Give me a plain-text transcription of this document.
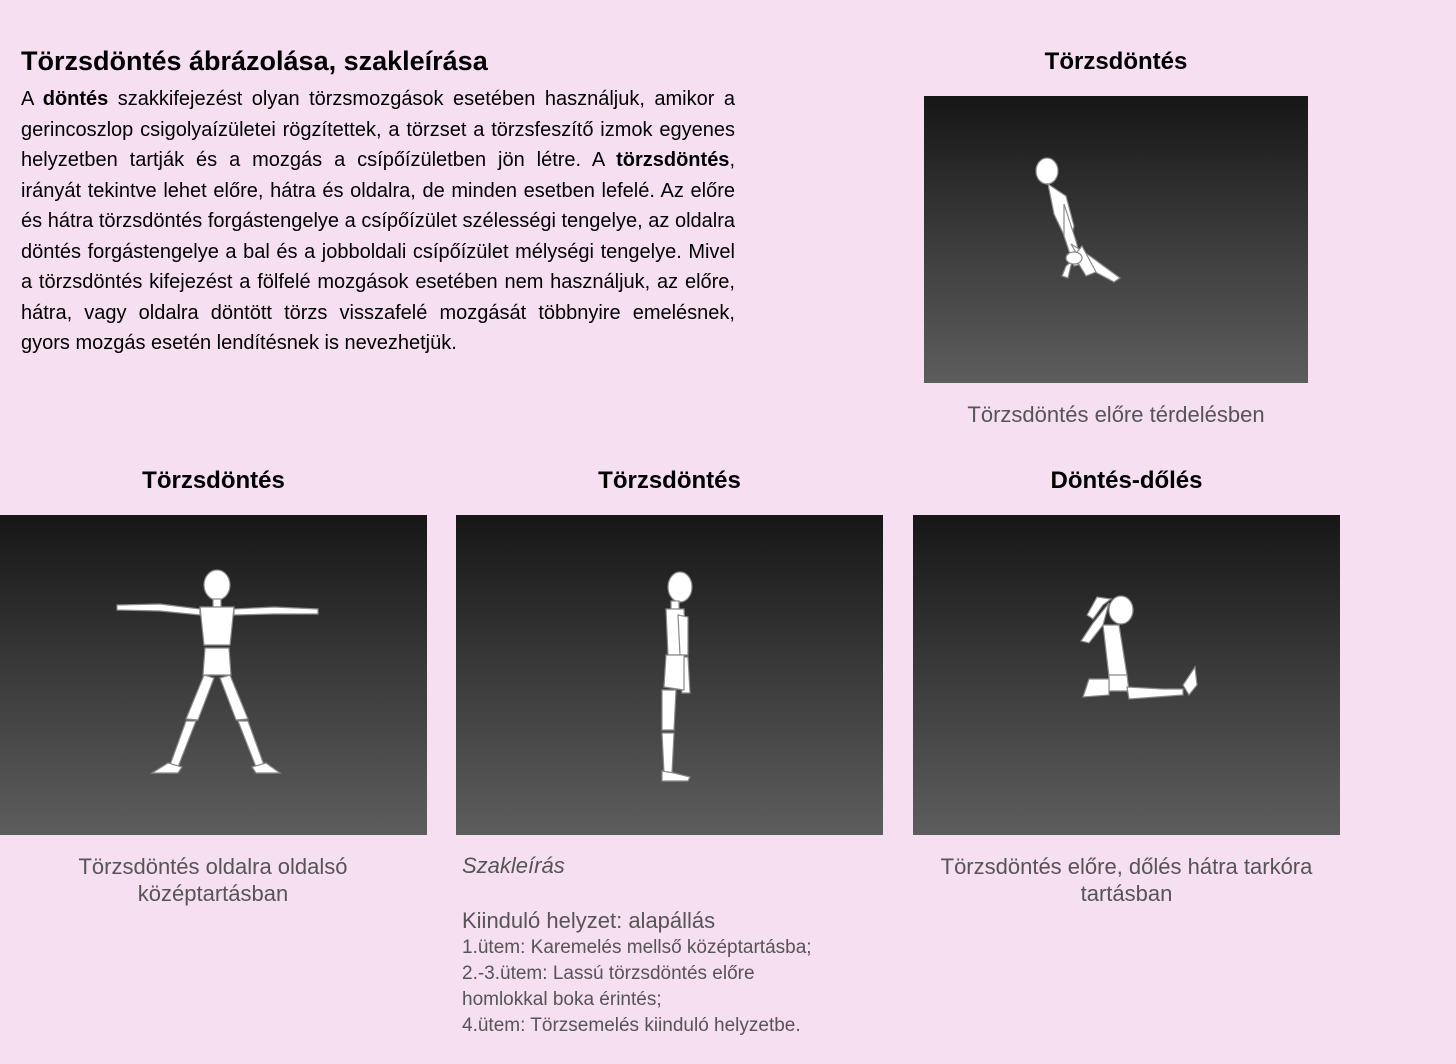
Törzsdöntés ábrázolása, szakleírása

A döntés szakkifejezést olyan törzsmozgások esetében használjuk, amikor a gerincoszlop csigolyaízületei rögzítettek, a törzset a törzsfeszítő izmok egyenes helyzetben tartják és a mozgás a csípőízületben jön létre. A törzsdöntés, irányát tekintve lehet előre, hátra és oldalra, de minden esetben lefelé. Az előre és hátra törzsdöntés forgástengelye a csípőízület szélességi tengelye, az oldalra döntés forgástengelye a bal és a jobboldali csípőízület mélységi tengelye. Mivel a törzsdöntés kifejezést a fölfelé mozgások esetében nem használjuk, az előre, hátra, vagy oldalra döntött törzs visszafelé mozgását többnyire emelésnek, gyors mozgás esetén lendítésnek is nevezhetjük.

Törzsdöntés
Törzsdöntés előre térdelésben
Törzsdöntés
Törzsdöntés oldalra oldalsó középtartásban
Törzsdöntés	Döntés-dőlés
Törzsdöntés előre, dőlés hátra tarkóra tartásban
Szakleírás
Kiinduló helyzet: alapállás
1.ütem: Karemelés mellső középtartásba;
2.-3.ütem: Lassú törzsdöntés előre homlokkal boka érintés;
4.ütem: Törzsemelés kiinduló helyzetbe.
